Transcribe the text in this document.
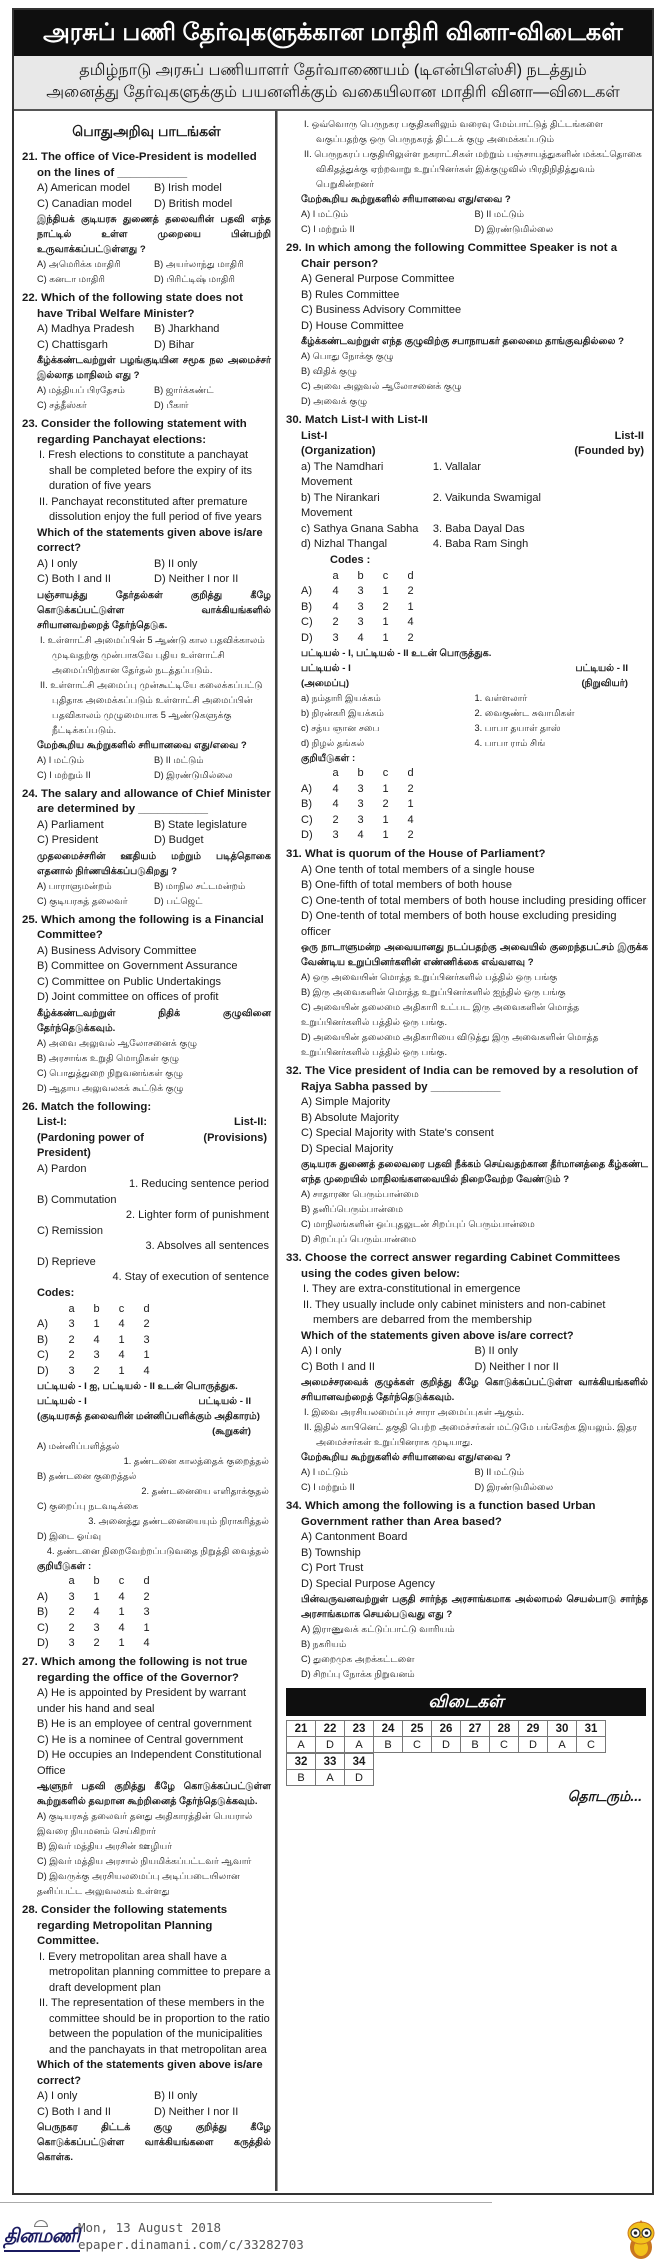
அரசுப் பணி தேர்வுகளுக்கான மாதிரி வினா-விடைகள்
தமிழ்நாடு அரசுப் பணியாளர் தேர்வாணையம் (டிஎன்பிஎஸ்சி) நடத்தும்
அனைத்து தேர்வுகளுக்கும் பயனளிக்கும் வகையிலான மாதிரி வினா—விடைகள்
பொதுஅறிவு பாடங்கள்
21. The office of Vice-President is modelled on the lines of ___________
A) American model	B) Irish model
C) Canadian model	D) British model
இந்தியக் குடியரசு துணைத் தலைவரின் பதவி எந்த நாட்டில் உள்ள முறையை பின்பற்றி உருவாக்கப்பட்டுள்ளது ?
A) அமெரிக்க மாதிரி	B) அயர்லாந்து மாதிரி
C) கனடா மாதிரி	D) பிரிட்டிஷ் மாதிரி
22. Which of the following state does not have Tribal Welfare Minister?
A) Madhya Pradesh	B) Jharkhand
C) Chattisgarh	D) Bihar
கீழ்க்கண்டவற்றுள் பழங்குடியின சமூக நல அமைச்சர் இல்லாத மாநிலம் எது ?
A) மத்தியப் பிரதேசம்	B) ஜார்க்கண்ட்
C) சத்தீஸ்கர்	D) பீகார்
23. Consider the following statement with regarding Panchayat elections:
I. Fresh elections to constitute a panchayat shall be completed before the expiry of its duration of five years
II. Panchayat reconstituted after premature dissolution enjoy the full period of five years
Which of the statements given above is/are correct?
A) I only	B) II only
C) Both I and II	D) Neither I nor II
பஞ்சாயத்து தேர்தல்கள் குறித்து கீழே கொடுக்கப்பட்டுள்ள வாக்கியங்களில் சரியானவற்றைத் தேர்ந்தெடுக.
I. உள்ளாட்சி அமைப்பின் 5 ஆண்டு கால பதவிக்காலம் முடிவதற்கு முன்பாகவே புதிய உள்ளாட்சி அமைப்பிற்கான தேர்தல் நடத்தப்படும்.
II. உள்ளாட்சி அமைப்பு முன்கூட்டியே கலைக்கப்பட்டு புதிதாக அமைக்கப்படும் உள்ளாட்சி அமைப்பின் பதவிகாலம் முழுமையாக 5 ஆண்டுகளுக்கு நீட்டிக்கப்படும்.
மேற்கூறிய கூற்றுகளில் சரியானவை எது/எவை ?
A) I மட்டும்	B) II மட்டும்
C) I மற்றும் II	D) இரண்டுமில்லை
24. The salary and allowance of Chief Minister are determined by ___________
A) Parliament	B) State legislature
C) President	D) Budget
முதலமைச்சரின் ஊதியம் மற்றும் படித்தொகை எதனால் நிர்ணயிக்கப்படுகிறது ?
A) பாராளுமன்றம்	B) மாநில சட்டமன்றம்
C) குடியரசுத் தலைவர்	D) பட்ஜெட்
25. Which among the following is a Financial Committee?
A) Business Advisory Committee
B) Committee on Government Assurance
C) Committee on Public Undertakings
D) Joint committee on offices of profit
கீழ்க்கண்டவற்றுள் நிதிக் குழுவினை தேர்ந்தெடுக்கவும்.
A) அவை அலுவல் ஆலோசனைக் குழு
B) அரசாங்க உறுதி மொழிகள் குழு
C) பொதுத்துறை நிறுவனங்கள் குழு
D) ஆதாய அலுவலகக் கூட்டுக் குழு
26. Match the following:
List-I:	List-II:
(Pardoning power of President)
(Provisions)
A) Pardon
1. Reducing sentence period
B) Commutation
2. Lighter form of punishment
C) Remission
3. Absolves all sentences
D) Reprieve
4. Stay of execution of sentence
Codes:
	a	b	c	d
A)	3	1	4	2
B)	2	4	1	3
C)	2	3	4	1
D)	3	2	1	4
பட்டியல் - I ஐ, பட்டியல் - II உடன் பொருத்துக.
பட்டியல் - I	பட்டியல் - II
(குடியரசுத் தலைவரின் மன்னிப்பளிக்கும் அதிகாரம்)
(கூறுகள்)
A) மன்னிப்பளித்தல்
1. தண்டனை காலத்தைக் குறைத்தல்
B) தண்டனை குறைத்தல்
2. தண்டனையை எளிதாக்குதல்
C) குறைப்பு நடவடிக்கை
3. அனைத்து தண்டனையையும் நிராகரித்தல்
D) இடை ஓய்வு
4. தண்டனை நிறைவேற்றப்படுவதை நிறுத்தி வைத்தல்
குறியீடுகள் :
	a	b	c	d
A)	3	1	4	2
B)	2	4	1	3
C)	2	3	4	1
D)	3	2	1	4
27. Which among the following is not true regarding the office of the Governor?
A) He is appointed by President by warrant under his hand and seal
B) He is an employee of central government
C) He is a nominee of Central government
D) He occupies an Independent Constitutional Office
ஆளுநர் பதவி குறித்து கீழே கொடுக்கப்பட்டுள்ள கூற்றுகளில் தவறான கூற்றினைத் தேர்ந்தெடுக்கவும்.
A) குடியரசுத் தலைவர் தனது அதிகாரத்தின் பெயரால் இவரை நியமனம் செய்கிறார்
B) இவர் மத்திய அரசின் ஊழியர்
C) இவர் மத்திய அரசால் நியமிக்கப்பட்டவர் ஆவார்
D) இவருக்கு அரசியலமைப்பு அடிப்படையிலான தனிப்பட்ட அலுவலகம் உள்ளது
28. Consider the following statements regarding Metropolitan Planning Committee.
I. Every metropolitan area shall have a metropolitan planning committee to prepare a draft development plan
II. The representation of these members in the committee should be in proportion to the ratio between the population of the municipalities and the panchayats in that metropolitan area
Which of the statements given above is/are correct?
A) I only	B) II only
C) Both I and II	D) Neither I nor II
பெருநகர திட்டக் குழு குறித்து கீழே கொடுக்கப்பட்டுள்ள வாக்கியங்களை கருத்தில் கொள்க.
I. ஒவ்வொரு பெருநகர பகுதிகளிலும் வரைவு மேம்பாட்டுத் திட்டங்களை வகுப்பதற்கு ஒரு பெருநகரத் திட்டக் குழு அமைக்கப்படும்
II. பெருநகரப் பகுதியிலுள்ள நகராட்சிகள் மற்றும் பஞ்சாயத்துகளின் மக்கட்தொகை விகிதத்துக்கு ஏற்றவாறு உறுப்பினர்கள் இக்குழுவில் பிரதிநிதித்துவம் பெறுகின்றனர்
மேற்கூறிய கூற்றுகளில் சரியானவை எது/எவை ?
A) I மட்டும்	B) II மட்டும்
C) I மற்றும் II	D) இரண்டுமில்லை
29. In which among the following Committee Speaker is not a Chair person?
A) General Purpose Committee
B) Rules Committee
C) Business Advisory Committee
D) House Committee
கீழ்க்கண்டவற்றுள் எந்த குழுவிற்கு சபாநாயகர் தலைமை தாங்குவதில்லை ?
A) பொது நோக்கு குழு
B) விதிக் குழு
C) அவை அலுவல் ஆலோசனைக் குழு
D) அவைக் குழு
30. Match List-I with List-II
List-I	List-II
(Organization)	(Founded by)
a) The Namdhari Movement
1. Vallalar
b) The Nirankari Movement
2. Vaikunda Swamigal
c) Sathya Gnana Sabha	3. Baba Dayal Das
d) Nizhal Thangal	4. Baba Ram Singh
Codes :
	a	b	c	d
A)	4	3	1	2
B)	4	3	2	1
C)	2	3	1	4
D)	3	4	1	2
பட்டியல் - I, பட்டியல் - II உடன் பொருத்துக.
பட்டியல் - I	பட்டியல் - II
(அமைப்பு)	(நிறுவியர்)
a) நம்தாரி இயக்கம்	1. வள்ளலார்
b) நிரன்கரி இயக்கம்	2. வைகுண்ட சுவாமிகள்
c) சத்ய ஞான சபை	3. பாபா தயாள் தாஸ்
d) நிழல் தங்கல்	4. பாபா ராம் சிங்
குறியீடுகள் :
	a	b	c	d
A)	4	3	1	2
B)	4	3	2	1
C)	2	3	1	4
D)	3	4	1	2
31. What is quorum of the House of Parliament?
A) One tenth of total members of a single house
B) One-fifth of total members of both house
C) One-tenth of total members of both house including presiding officer
D) One-tenth of total members of both house excluding presiding officer
ஒரு நாடாளுமன்ற அவையானது நடப்பதற்கு அவையில் குறைந்தபட்சம் இருக்க வேண்டிய உறுப்பினர்களின் எண்ணிக்கை எவ்வளவு ?
A) ஒரு அவையின் மொத்த உறுப்பினர்களில் பத்தில் ஒரு பங்கு
B) இரு அவைகளின் மொத்த உறுப்பினர்களில் ஐந்தில் ஒரு பங்கு
C) அவையின் தலைமை அதிகாரி உட்பட இரு அவைகளின் மொத்த உறுப்பினர்களில் பத்தில் ஒரு பங்கு.
D) அவையின் தலைமை அதிகாரியை விடுத்து இரு அவைகளின் மொத்த உறுப்பினர்களில் பத்தில் ஒரு பங்கு.
32. The Vice president of India can be removed by a resolution of Rajya Sabha passed by ___________
A) Simple Majority
B) Absolute Majority
C) Special Majority with State's consent
D) Special Majority
குடியரசு துணைத் தலைவரை பதவி நீக்கம் செய்வதற்கான தீர்மானத்தை கீழ்கண்ட எந்த முறையில் மாநிலங்களவையில் நிறைவேற்ற வேண்டும் ?
A) சாதாரண பெரும்பான்மை
B) தனிப்பெரும்பான்மை
C) மாநிலங்களின் ஒப்புதலுடன் சிறப்புப் பெரும்பான்மை
D) சிறப்புப் பெரும்பான்மை
33. Choose the correct answer regarding Cabinet Committees using the codes given below:
I. They are extra-constitutional in emergence
II. They usually include only cabinet ministers and non-cabinet members are debarred from the membership
Which of the statements given above is/are correct?
A) I only	B) II only
C) Both I and II	D) Neither I nor II
அமைச்சரவைக் குழுக்கள் குறித்து கீழே கொடுக்கப்பட்டுள்ள வாக்கியங்களில் சரியானவற்றைத் தேர்ந்தெடுக்கவும்.
I. இவை அரசியலமைப்புச் சாரா அமைப்புகள் ஆகும்.
II. இதில் காபினெட் தகுதி பெற்ற அமைச்சர்கள் மட்டுமே பங்கேற்க இயலும். இதர அமைச்சர்கள் உறுப்பினராக முடியாது.
மேற்கூறிய கூற்றுகளில் சரியானவை எது/எவை ?
A) I மட்டும்	B) II மட்டும்
C) I மற்றும் II	D) இரண்டுமில்லை
34. Which among the following is a function based Urban Government rather than Area based?
A) Cantonment Board
B) Township
C) Port Trust
D) Special Purpose Agency
பின்வருவனவற்றுள் பகுதி சார்ந்த அரசாங்கமாக அல்லாமல் செயல்பாடு சார்ந்த அரசாங்கமாக செயல்படுவது எது ?
A) இராணுவக் கட்டுப்பாட்டு வாரியம்
B) நகரியம்
C) துறைமுக அறக்கட்டளை
D) சிறப்பு நோக்க நிறுவனம்
விடைகள்
21	22	23	24	25	26	27	28	29	30	31
A	D	A	B	C	D	B	C	D	A	C
32	33	34
B	A	D
தொடரும்...
தினமணி
Mon, 13 August 2018
epaper.dinamani.com/c/33282703
